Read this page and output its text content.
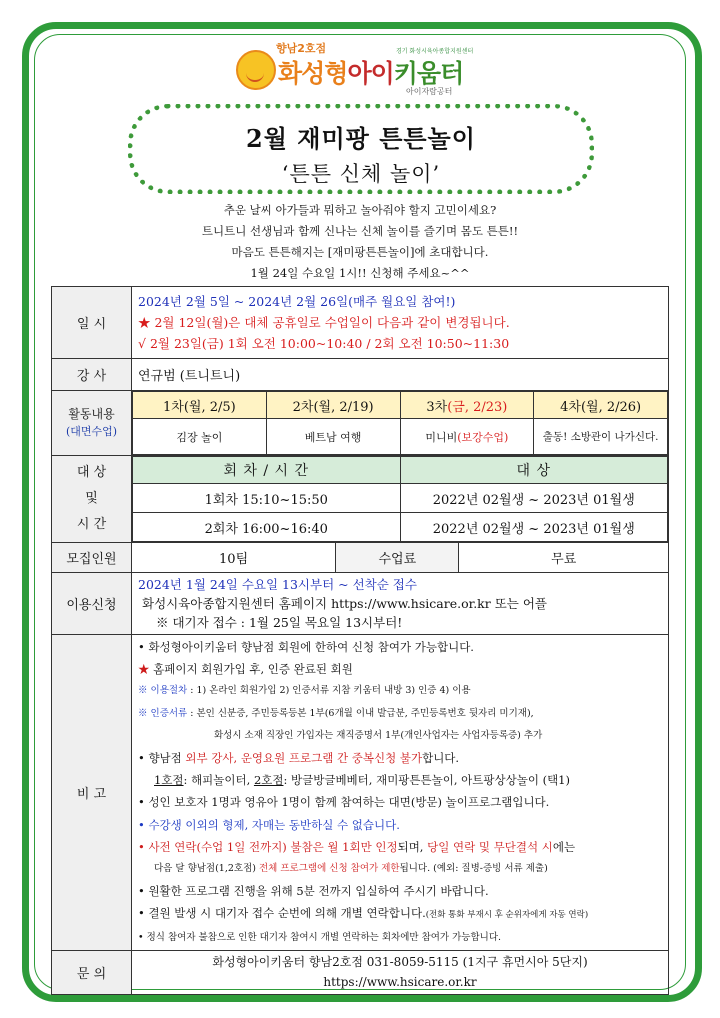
향남2호점	경기 화성시육아종합지원센터
화성형아이키움터
아이자람공터
2월 재미팡 튼튼놀이
‘튼튼 신체 놀이’
추운 날씨 아가들과 뭐하고 놀아줘야 할지 고민이세요?
트니트니 선생님과 함께 신나는 신체 놀이를 즐기며 몸도 튼튼!!
마음도 튼튼해지는 [재미팡튼튼놀이]에 초대합니다.
1월 24일 수요일 1시!! 신청해 주세요~^^
일 시	
2024년 2월 5일 ~ 2024년 2월 26일(매주 월요일 참여!)
★ 2월 12일(월)은 대체 공휴일로 수업일이 다음과 같이 변경됩니다.
√ 2월 23일(금) 1회 오전 10:00~10:40 / 2회 오전 10:50~11:30

강 사	연규범 (트니트니)

활동내용
(대면수업)

1차(월, 2/5)	2차(월, 2/19)	3차(금, 2/23)	4차(월, 2/26)
김장 놀이	베트남 여행	미니비(보강수업)	출동! 소방관이 나가신다.

대 상
및
시 간

회 차 / 시 간	대 상
1회차 15:10~15:50	2022년 02월생 ~ 2023년 01월생
2회차 16:00~16:40	2022년 02월생 ~ 2023년 01월생

모집인원		10팀	수업료	무료

이용신청	
2024년 1월 24일 수요일 13시부터 ~ 선착순 접수
화성시육아종합지원센터 홈페이지 https://www.hsicare.or.kr 또는 어플
※ 대기자 접수 : 1월 25일 목요일 13시부터!

비 고	
• 화성형아이키움터 향남점 회원에 한하여 신청 참여가 가능합니다.
★ 홈페이지 회원가입 후, 인증 완료된 회원
※ 이용절차 : 1) 온라인 회원가입 2) 인증서류 지참 키움터 내방 3) 인증 4) 이용
※ 인증서류 : 본인 신분증, 주민등록등본 1부(6개월 이내 발급분, 주민등록번호 뒷자리 미기재),
화성시 소재 직장인 가입자는 재직증명서 1부(개인사업자는 사업자등록증) 추가
• 향남점 외부 강사, 운영요원 프로그램 간 중복신청 불가합니다.
1호점: 해피놀이터, 2호점: 방글방글베베터, 재미팡튼튼놀이, 아트팡상상놀이 (택1)
• 성인 보호자 1명과 영유아 1명이 함께 참여하는 대면(방문) 놀이프로그램입니다.
• 수강생 이외의 형제, 자매는 동반하실 수 없습니다.
• 사전 연락(수업 1일 전까지) 불참은 월 1회만 인정되며, 당일 연락 및 무단결석 시에는
다음 달 향남점(1,2호점) 전체 프로그램에 신청 참여가 제한됩니다. (예외: 질병-증빙 서류 제출)
• 원활한 프로그램 진행을 위해 5분 전까지 입실하여 주시기 바랍니다.
• 결원 발생 시 대기자 접수 순번에 의해 개별 연락합니다.(전화 통화 부재시 후 순위자에게 자동 연락)
• 정식 참여자 불참으로 인한 대기자 참여시 개별 연락하는 회차에만 참여가 가능합니다.

문 의	
화성형아이키움터 향남2호점 031-8059-5115 (1지구 휴먼시아 5단지)
https://www.hsicare.or.kr
